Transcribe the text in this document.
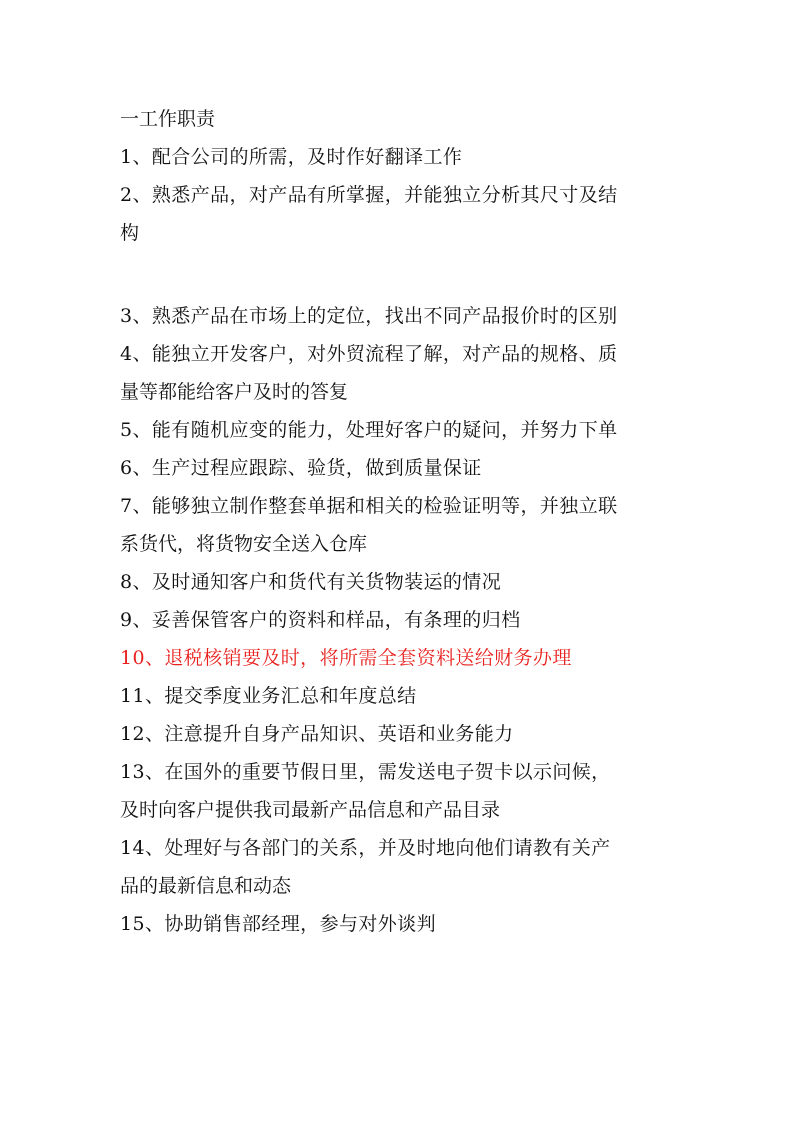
一工作职责

1、配合公司的所需，及时作好翻译工作

2、熟悉产品，对产品有所掌握，并能独立分析其尺寸及结

构

3、熟悉产品在市场上的定位，找出不同产品报价时的区别

4、能独立开发客户，对外贸流程了解，对产品的规格、质

量等都能给客户及时的答复

5、能有随机应变的能力，处理好客户的疑问，并努力下单

6、生产过程应跟踪、验货，做到质量保证

7、能够独立制作整套单据和相关的检验证明等，并独立联

系货代，将货物安全送入仓库

8、及时通知客户和货代有关货物装运的情况

9、妥善保管客户的资料和样品，有条理的归档

10、退税核销要及时，将所需全套资料送给财务办理

11、提交季度业务汇总和年度总结

12、注意提升自身产品知识、英语和业务能力

13、在国外的重要节假日里，需发送电子贺卡以示问候，

及时向客户提供我司最新产品信息和产品目录

14、处理好与各部门的关系，并及时地向他们请教有关产

品的最新信息和动态

15、协助销售部经理，参与对外谈判
